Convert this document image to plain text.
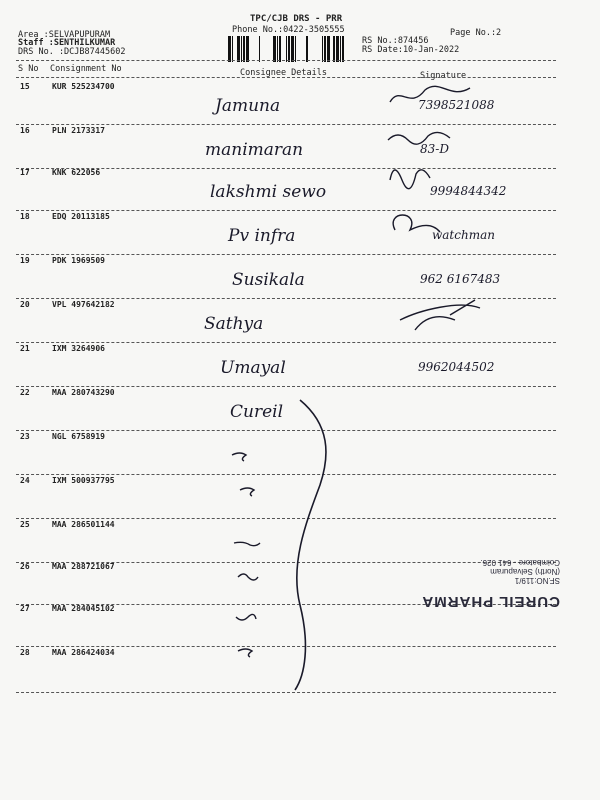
TPC/CJB DRS - PRR
Phone No.:0422-3505555	Page No.:2
Area :SELVAPUPURAM
Staff :SENTHILKUMAR
DRS No. :DCJB87445602
RS No.:874456
RS Date:10-Jan-2022
S No Consignment No	Consignee Details	Signature
15	KUR 525234700
Jamuna	7398521088
16	PLN 2173317
manimaran	83-D
17	KNK 622056
lakshmi sewo	9994844342
18	EDQ 20113185
Pv infra	watchman
19	PDK 1969509
Susikala	962 6167483
20	VPL 497642182
Sathya
21	IXM 3264906
Umayal	9962044502
22	MAA 280743290
Cureil
23	NGL 6758919
24	IXM 500937795
25	MAA 286501144
26	MAA 288721067
27	MAA 284045102
28	MAA 286424034
CUREIL PHARMA
SF.NO:119/1
(North) Selvapuram
Coimbatore - 641 026.
